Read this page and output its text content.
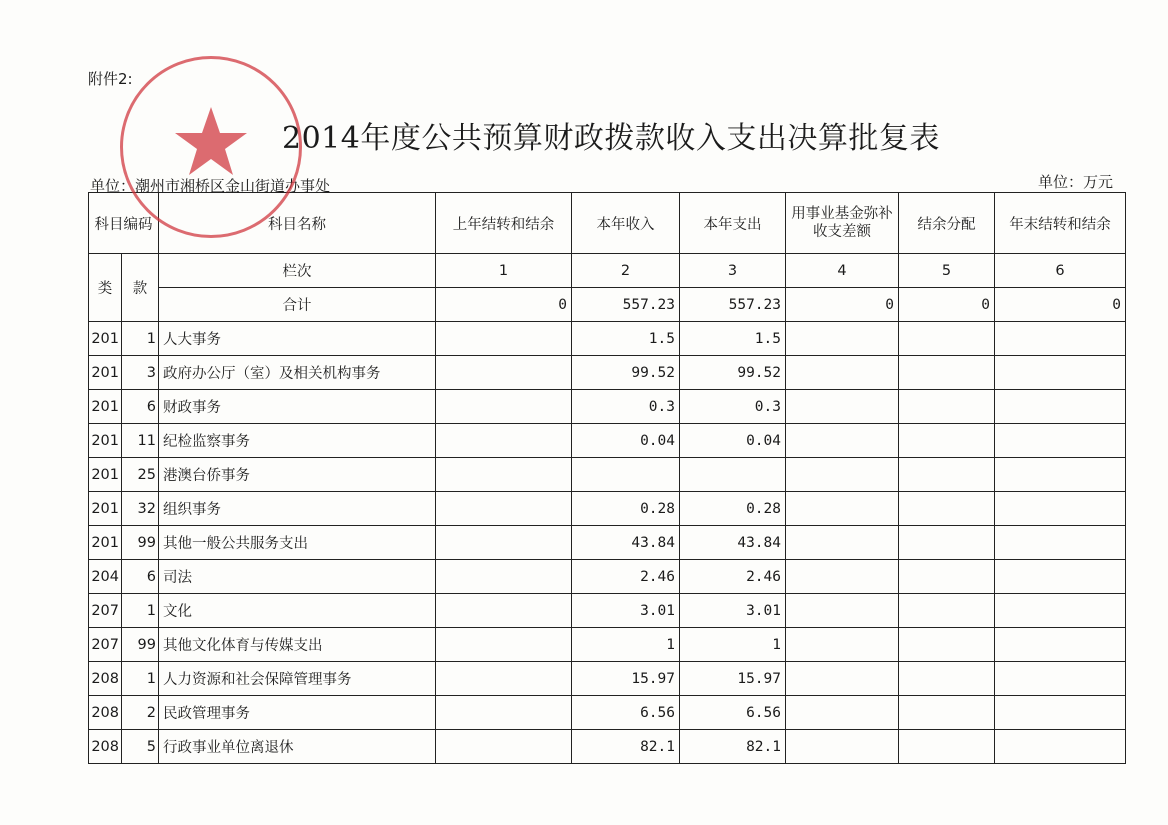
附件2:
2014年度公共预算财政拨款收入支出决算批复表
单位：潮州市湘桥区金山街道办事处	单位：万元
科目编码		科目名称	上年结转和结余	本年收入	本年支出	用事业基金弥补收支差额	结余分配	年末结转和结余
类	款	栏次	1	2	3	4	5	6
		合计	0	557.23	557.23	0	0	0
201	1	人大事务		1.5	1.5			
201	3	政府办公厅（室）及相关机构事务		99.52	99.52			
201	6	财政事务		0.3	0.3			
201	11	纪检监察事务		0.04	0.04			
201	25	港澳台侨事务						
201	32	组织事务		0.28	0.28			
201	99	其他一般公共服务支出		43.84	43.84			
204	6	司法		2.46	2.46			
207	1	文化		3.01	3.01			
207	99	其他文化体育与传媒支出		1	1			
208	1	人力资源和社会保障管理事务		15.97	15.97			
208	2	民政管理事务		6.56	6.56			
208	5	行政事业单位离退休		82.1	82.1			
